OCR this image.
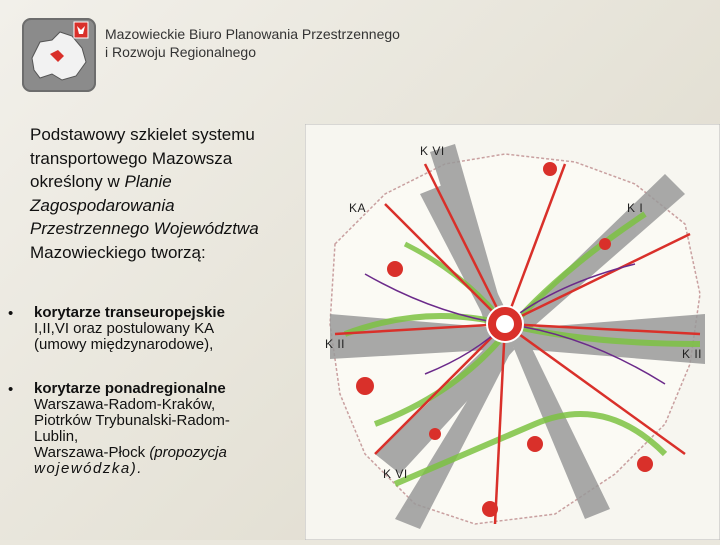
Mazowieckie Biuro Planowania Przestrzennego
i Rozwoju Regionalnego
Podstawowy szkielet systemu
transportowego Mazowsza
określony w Planie
Zagospodarowania
Przestrzennego Województwa
Mazowieckiego tworzą:
• korytarze transeuropejskie
I,II,VI oraz postulowany KA
(umowy międzynarodowe),
• korytarze ponadregionalne
Warszawa-Radom-Kraków,
Piotrków Trybunalski-Radom-
Lublin,
Warszawa-Płock (propozycja
wojewódzka).
K VI
KA	K I
K II
K II
K VI
